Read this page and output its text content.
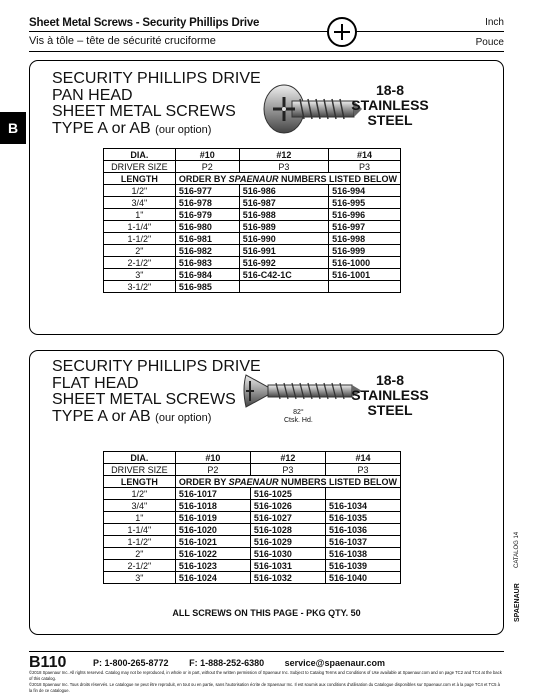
Sheet Metal Screws - Security Phillips Drive
Vis à tôle – tête de sécurité cruciforme
Inch
Pouce
B
SECURITY PHILLIPS DRIVE
PAN HEAD
SHEET METAL SCREWS
TYPE A or AB (our option)
18-8
STAINLESS
STEEL
DIA.	#10	#12	#14
DRIVER SIZE	P2	P3	P3
LENGTH	ORDER BY SPAENAUR NUMBERS LISTED BELOW		
1/2"	516-977	516-986	516-994
3/4"	516-978	516-987	516-995
1"	516-979	516-988	516-996
1-1/4"	516-980	516-989	516-997
1-1/2"	516-981	516-990	516-998
2"	516-982	516-991	516-999
2-1/2"	516-983	516-992	516-1000
3"	516-984	516-C42-1C	516-1001
3-1/2"	516-985		
SECURITY PHILLIPS DRIVE
FLAT HEAD
SHEET METAL SCREWS
TYPE A or AB (our option)	82°
Ctsk. Hd.
18-8
STAINLESS
STEEL
DIA.	#10	#12	#14
DRIVER SIZE	P2	P3	P3
LENGTH	ORDER BY SPAENAUR NUMBERS LISTED BELOW		
1/2"	516-1017	516-1025	
3/4"	516-1018	516-1026	516-1034
1"	516-1019	516-1027	516-1035
1-1/4"	516-1020	516-1028	516-1036
1-1/2"	516-1021	516-1029	516-1037
2"	516-1022	516-1030	516-1038
2-1/2"	516-1023	516-1031	516-1039
3"	516-1024	516-1032	516-1040
ALL SCREWS ON THIS PAGE - PKG QTY. 50
CATALOG 14
SPAENAUR
B110	P: 1-800-265-8772 F: 1-888-252-6380 service@spaenaur.com
©2018 Spaenaur Inc. All rights reserved. Catalog may not be reproduced, in whole or in part, without the written permission of Spaenaur Inc. Subject to Catalog Terms and Conditions of Use available at Spaenaur.com and on page TC2 and TC4 at the back of this catalog.
©2018 Spaenaur Inc. Tous droits réservés. Le catalogue ne peut être reproduit, en tout ou en partie, sans l'autorisation écrite de Spaenaur Inc. Il est soumis aux conditions d'utilisation du Catalogue disponibles sur Spaenaur.com et à la page TC4 et TC5 à la fin de ce catalogue.
